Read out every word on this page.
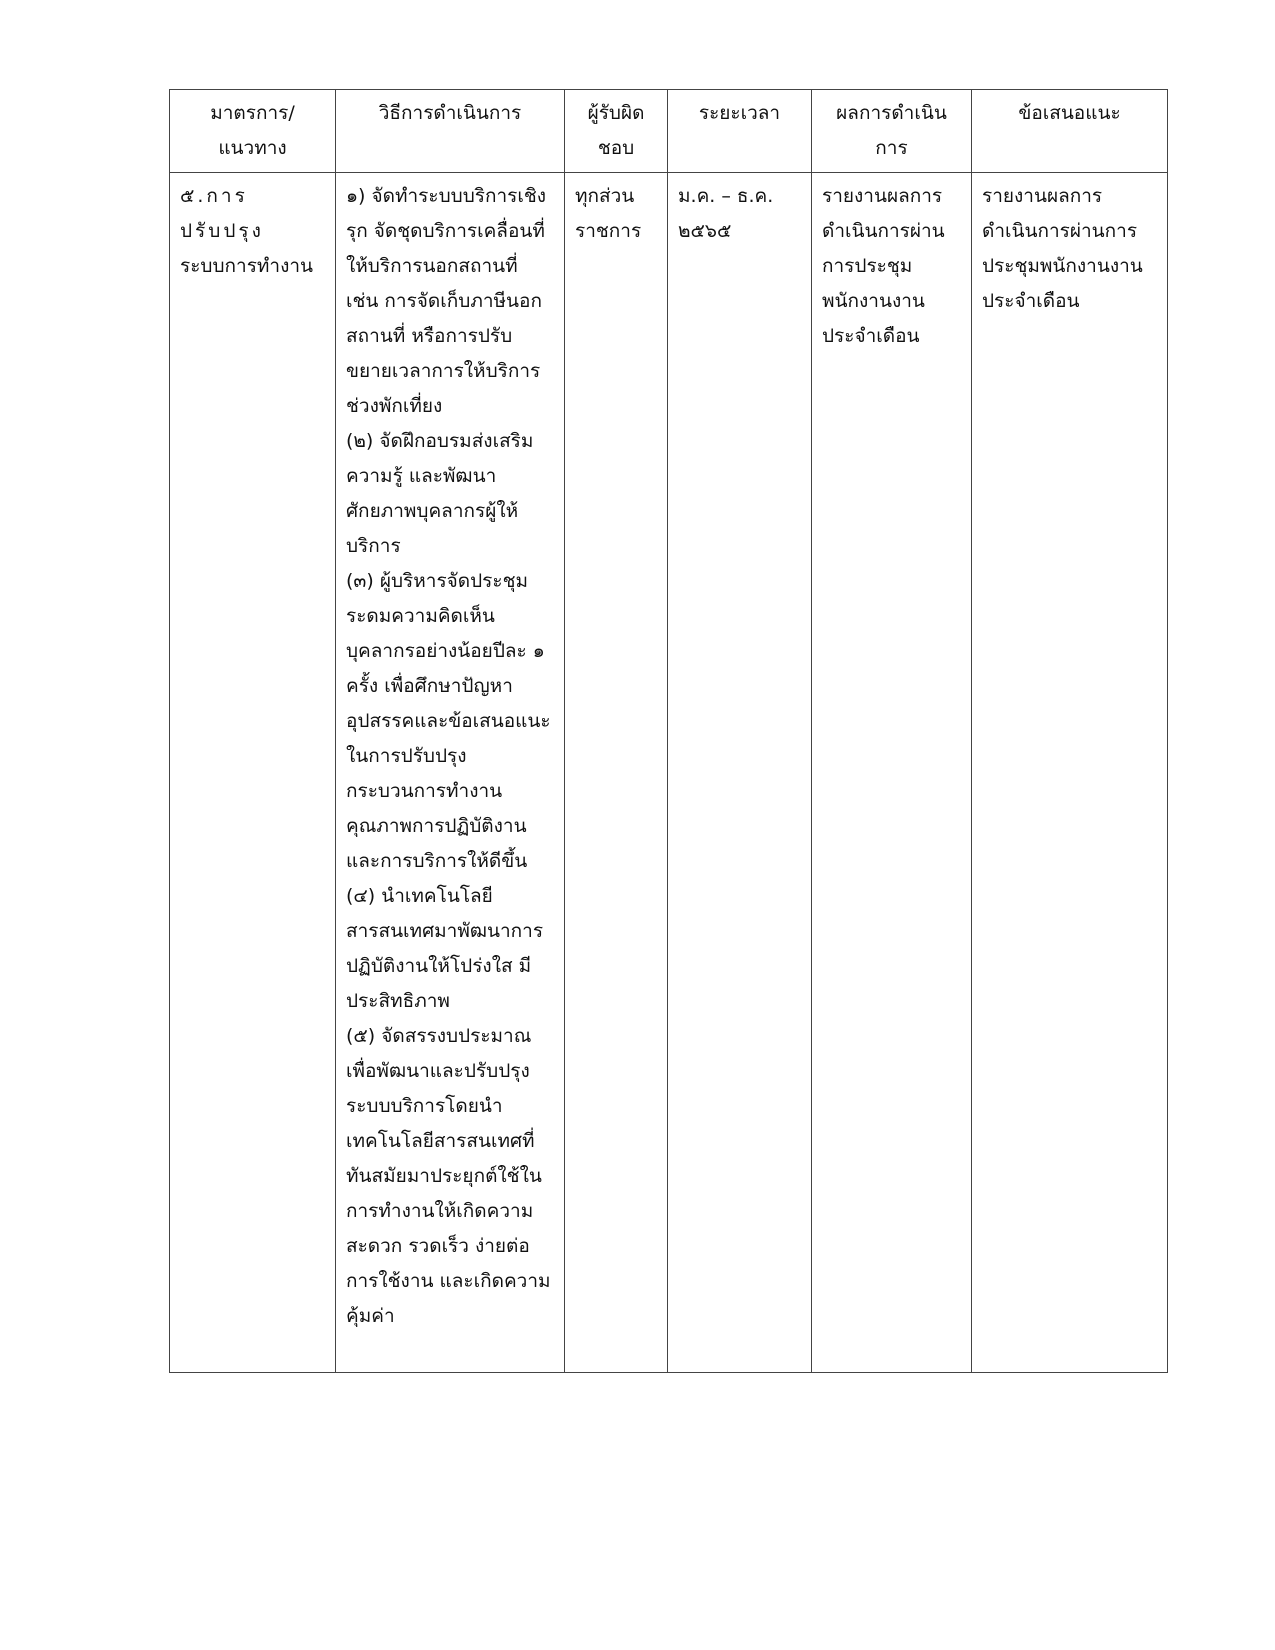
มาตรการ/
แนวทาง	วิธีการดำเนินการ	ผู้รับผิด
ชอบ	ระยะเวลา	ผลการดำเนินการ	ข้อเสนอแนะ

๕.การปรับปรุง
ระบบการทำงาน	๑) จัดทำระบบบริการเชิงรุก จัดชุดบริการเคลื่อนที่ให้บริการนอกสถานที่ เช่น การจัดเก็บภาษีนอกสถานที่ หรือการปรับขยายเวลาการให้บริการช่วงพักเที่ยง
(๒) จัดฝึกอบรมส่งเสริมความรู้ และพัฒนาศักยภาพบุคลากรผู้ให้บริการ
(๓) ผู้บริหารจัดประชุมระดมความคิดเห็นบุคลากรอย่างน้อยปีละ ๑ ครั้ง เพื่อศึกษาปัญหาอุปสรรคและข้อเสนอแนะในการปรับปรุงกระบวนการทำงาน คุณภาพการปฏิบัติงานและการบริการให้ดีขึ้น
(๔) นำเทคโนโลยีสารสนเทศมาพัฒนาการปฏิบัติงานให้โปร่งใส มีประสิทธิภาพ
(๕) จัดสรรงบประมาณเพื่อพัฒนาและปรับปรุงระบบบริการโดยนำเทคโนโลยีสารสนเทศที่ทันสมัยมาประยุกต์ใช้ในการทำงานให้เกิดความสะดวก รวดเร็ว ง่ายต่อการใช้งาน และเกิดความคุ้มค่า	ทุกส่วนราชการ	ม.ค. – ธ.ค. ๒๕๖๕	รายงานผลการดำเนินการผ่านการประชุมพนักงานงานประจำเดือน	รายงานผลการดำเนินการผ่านการประชุมพนักงานงานประจำเดือน
